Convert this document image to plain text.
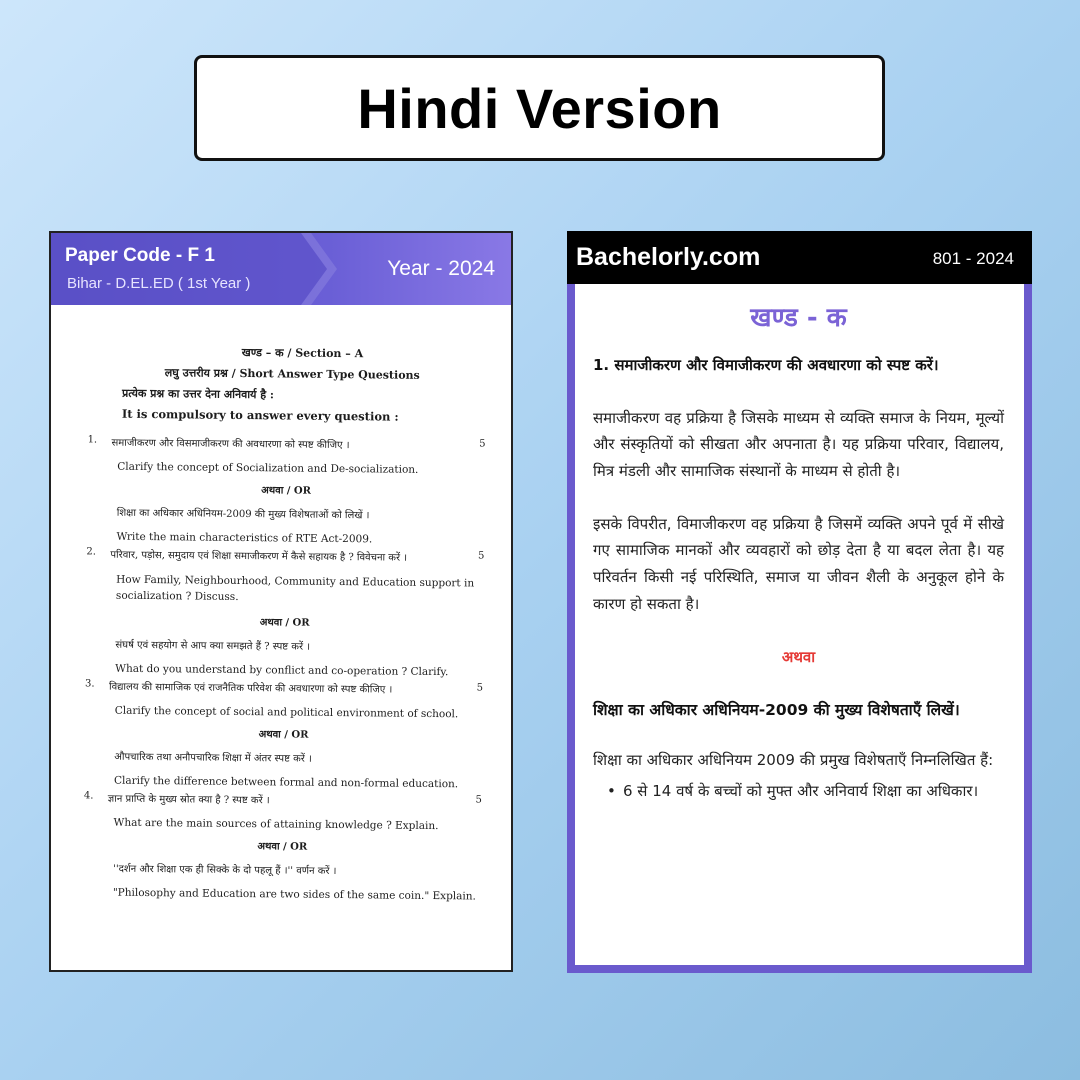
Hindi Version
Paper Code - F 1
Bihar - D.EL.ED ( 1st Year )
Year - 2024
खण्ड – क / Section – A
लघु उत्तरीय प्रश्न / Short Answer Type Questions
प्रत्येक प्रश्न का उत्तर देना अनिवार्य है :
It is compulsory to answer every question :
1.	समाजीकरण और विसमाजीकरण की अवधारणा को स्पष्ट कीजिए ।	5
Clarify the concept of Socialization and De-socialization.
अथवा / OR
शिक्षा का अधिकार अधिनियम-2009 की मुख्य विशेषताओं को लिखें ।
Write the main characteristics of RTE Act-2009.
2.	परिवार, पड़ोस, समुदाय एवं शिक्षा समाजीकरण में कैसे सहायक है ? विवेचना करें ।	5
How Family, Neighbourhood, Community and Education support in socialization ? Discuss.
अथवा / OR
संघर्ष एवं सहयोग से आप क्या समझते हैं ? स्पष्ट करें ।
What do you understand by conflict and co-operation ? Clarify.
3.	विद्यालय की सामाजिक एवं राजनैतिक परिवेश की अवधारणा को स्पष्ट कीजिए ।	5
Clarify the concept of social and political environment of school.
अथवा / OR
औपचारिक तथा अनौपचारिक शिक्षा में अंतर स्पष्ट करें ।
Clarify the difference between formal and non-formal education.
4.	ज्ञान प्राप्ति के मुख्य स्रोत क्या है ? स्पष्ट करें ।	5
What are the main sources of attaining knowledge ? Explain.
अथवा / OR
''दर्शन और शिक्षा एक ही सिक्के के दो पहलू हैं ।'' वर्णन करें ।
"Philosophy and Education are two sides of the same coin." Explain.
Bachelorly.com	801 - 2024
खण्ड - क
1. समाजीकरण और विमाजीकरण की अवधारणा को स्पष्ट करें।

समाजीकरण वह प्रक्रिया है जिसके माध्यम से व्यक्ति समाज के नियम, मूल्यों और संस्कृतियों को सीखता और अपनाता है। यह प्रक्रिया परिवार, विद्यालय, मित्र मंडली और सामाजिक संस्थानों के माध्यम से होती है।

इसके विपरीत, विमाजीकरण वह प्रक्रिया है जिसमें व्यक्ति अपने पूर्व में सीखे गए सामाजिक मानकों और व्यवहारों को छोड़ देता है या बदल लेता है। यह परिवर्तन किसी नई परिस्थिति, समाज या जीवन शैली के अनुकूल होने के कारण हो सकता है।

अथवा
शिक्षा का अधिकार अधिनियम-2009 की मुख्य विशेषताएँ लिखें।

शिक्षा का अधिकार अधिनियम 2009 की प्रमुख विशेषताएँ निम्नलिखित हैं:

• 6 से 14 वर्ष के बच्चों को मुफ्त और अनिवार्य शिक्षा का अधिकार।
